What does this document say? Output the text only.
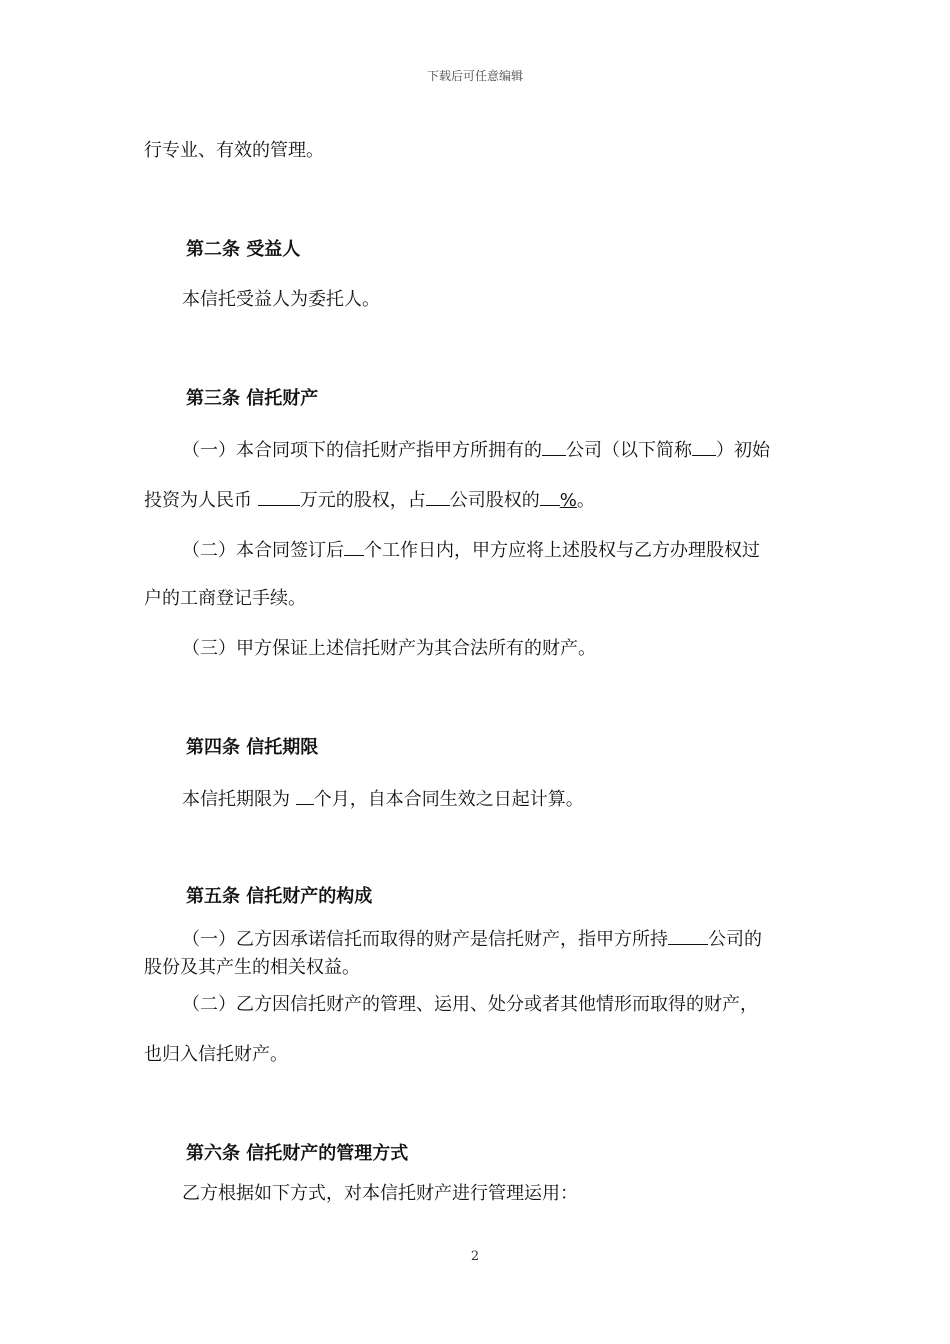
下载后可任意编辑
行专业、有效的管理。
第二条 受益人
本信托受益人为委托人。
第三条 信托财产
（一）本合同项下的信托财产指甲方所拥有的 公司（以下简称 ）初始
投资为人民币 万元的股权，占 公司股权的 %。
（二）本合同签订后 个工作日内，甲方应将上述股权与乙方办理股权过
户的工商登记手续。
（三）甲方保证上述信托财产为其合法所有的财产。
第四条 信托期限
本信托期限为 个月，自本合同生效之日起计算。
第五条 信托财产的构成
（一）乙方因承诺信托而取得的财产是信托财产，指甲方所持 公司的
股份及其产生的相关权益。
（二）乙方因信托财产的管理、运用、处分或者其他情形而取得的财产，
也归入信托财产。
第六条 信托财产的管理方式
乙方根据如下方式，对本信托财产进行管理运用：
2
